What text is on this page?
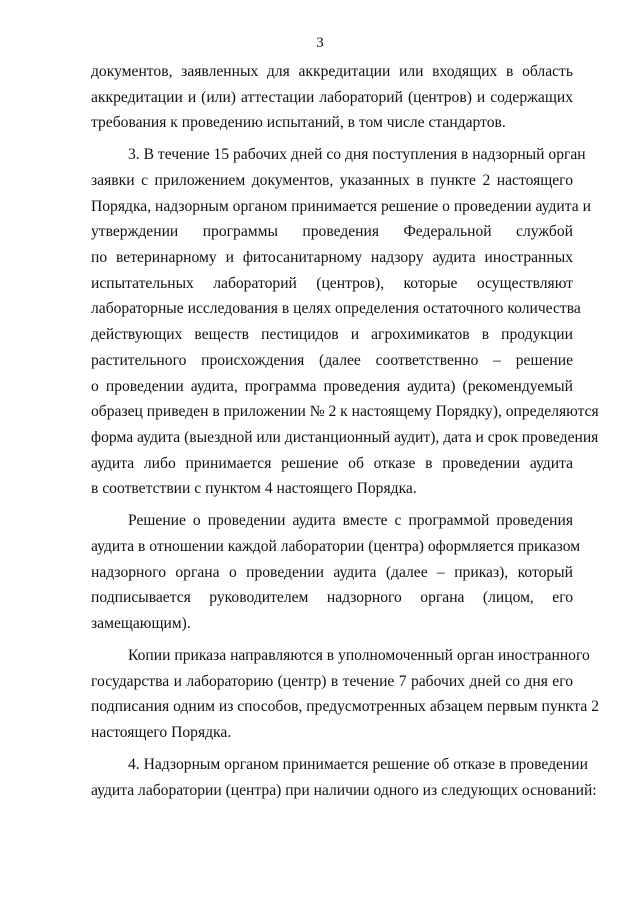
3

документов, заявленных для аккредитации или входящих в область
аккредитации и (или) аттестации лабораторий (центров) и содержащих
требования к проведению испытаний, в том числе стандартов.

3. В течение 15 рабочих дней со дня поступления в надзорный орган
заявки с приложением документов, указанных в пункте 2 настоящего
Порядка, надзорным органом принимается решение о проведении аудита и
утверждении программы проведения Федеральной службой
по ветеринарному и фитосанитарному надзору аудита иностранных
испытательных лабораторий (центров), которые осуществляют
лабораторные исследования в целях определения остаточного количества
действующих веществ пестицидов и агрохимикатов в продукции
растительного происхождения (далее соответственно – решение
о проведении аудита, программа проведения аудита) (рекомендуемый
образец приведен в приложении № 2 к настоящему Порядку), определяются
форма аудита (выездной или дистанционный аудит), дата и срок проведения
аудита либо принимается решение об отказе в проведении аудита
в соответствии с пунктом 4 настоящего Порядка.

Решение о проведении аудита вместе с программой проведения
аудита в отношении каждой лаборатории (центра) оформляется приказом
надзорного органа о проведении аудита (далее – приказ), который
подписывается руководителем надзорного органа (лицом, его
замещающим).

Копии приказа направляются в уполномоченный орган иностранного
государства и лабораторию (центр) в течение 7 рабочих дней со дня его
подписания одним из способов, предусмотренных абзацем первым пункта 2
настоящего Порядка.

4. Надзорным органом принимается решение об отказе в проведении
аудита лаборатории (центра) при наличии одного из следующих оснований:
